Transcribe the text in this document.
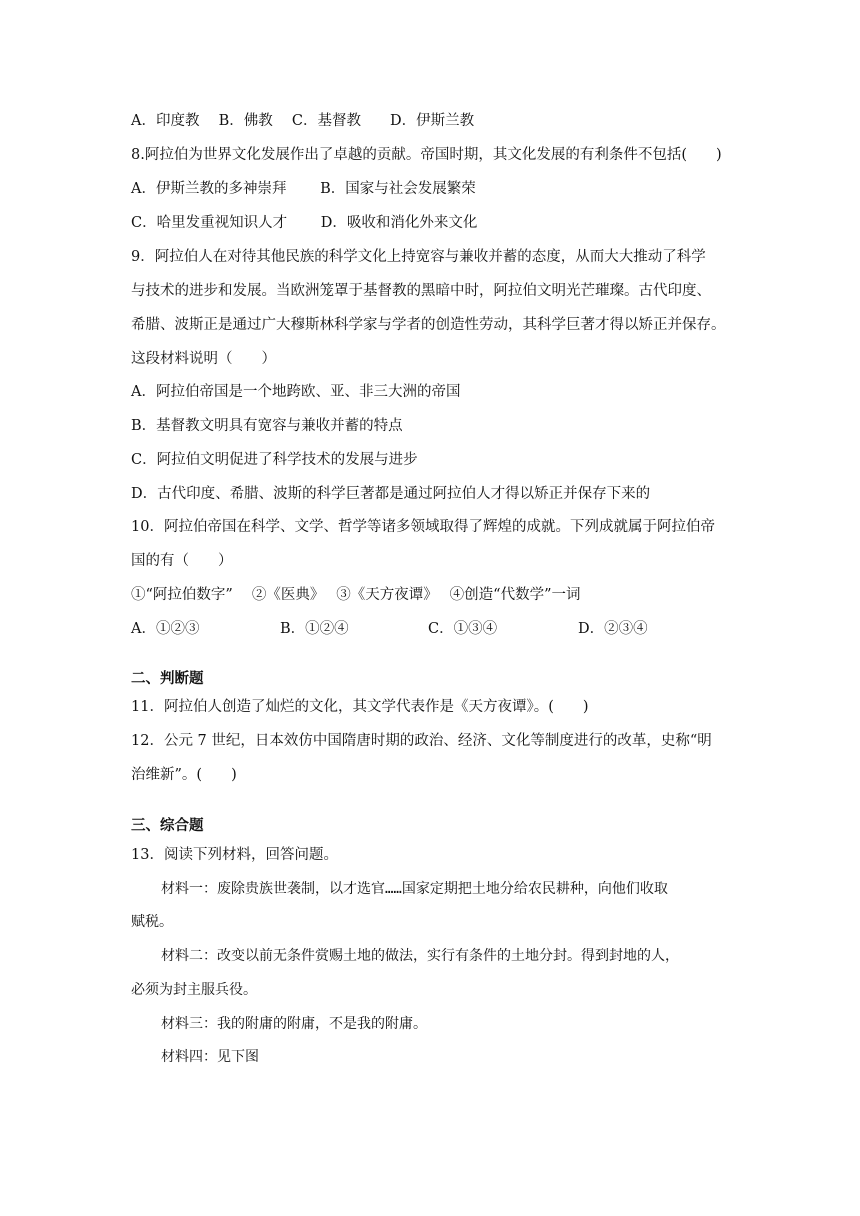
A．印度教　 B．佛教　 C．基督教　　D．伊斯兰教
8.阿拉伯为世界文化发展作出了卓越的贡献。帝国时期，其文化发展的有利条件不包括(　　)
A．伊斯兰教的多神崇拜　　 B．国家与社会发展繁荣
C．哈里发重视知识人才　　 D．吸收和消化外来文化
9．阿拉伯人在对待其他民族的科学文化上持宽容与兼收并蓄的态度，从而大大推动了科学
与技术的进步和发展。当欧洲笼罩于基督教的黑暗中时，阿拉伯文明光芒璀璨。古代印度、
希腊、波斯正是通过广大穆斯林科学家与学者的创造性劳动，其科学巨著才得以矫正并保存。
这段材料说明（　　）
A．阿拉伯帝国是一个地跨欧、亚、非三大洲的帝国
B．基督教文明具有宽容与兼收并蓄的特点
C．阿拉伯文明促进了科学技术的发展与进步
D．古代印度、希腊、波斯的科学巨著都是通过阿拉伯人才得以矫正并保存下来的
10．阿拉伯帝国在科学、文学、哲学等诸多领域取得了辉煌的成就。下列成就属于阿拉伯帝
国的有（　　）
①“阿拉伯数字”　 ②《医典》　 ③《天方夜谭》　 ④创造“代数学”一词
A．①②③	B．①②④	C．①③④	D．②③④
二、判断题
11．阿拉伯人创造了灿烂的文化，其文学代表作是《天方夜谭》。(　　)
12．公元 7 世纪，日本效仿中国隋唐时期的政治、经济、文化等制度进行的改革，史称“明
治维新”。(　　)
三、综合题
13．阅读下列材料，回答问题。
材料一：废除贵族世袭制，以才选官……国家定期把土地分给农民耕种，向他们收取
赋税。
材料二：改变以前无条件赏赐土地的做法，实行有条件的土地分封。得到封地的人，
必须为封主服兵役。
材料三：我的附庸的附庸，不是我的附庸。
材料四：见下图
